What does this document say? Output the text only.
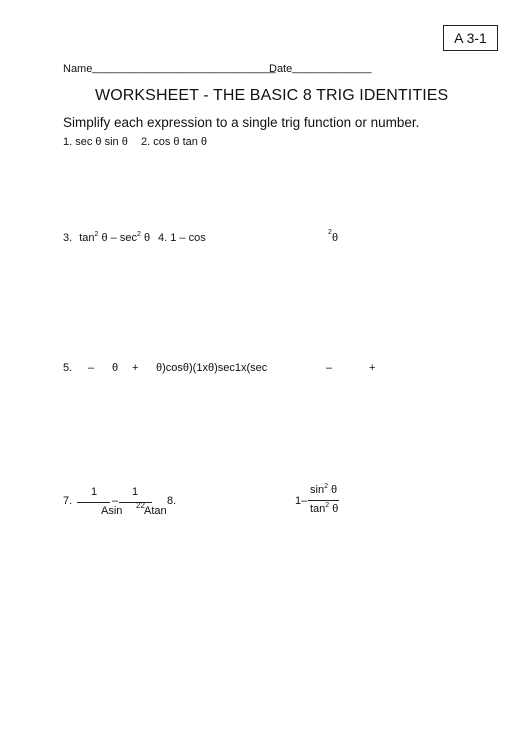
A 3-1
Name ______________________________
Date _____________
WORKSHEET - THE BASIC 8 TRIG IDENTITIES
Simplify each expression to a single trig function or number.
1. sec θ sin θ 2. cos θ tan θ
3. $\tan^2 \theta - \sec^2 \theta$ 4. 1 – cos	2 θ
5. – θ + θ)cosθ)(1xθ)sec1x(sec	–	+
7.
1
–
1
Asin 22 Atan
8.	1–
$\sin^2 \theta$
$\tan^2 \theta$
